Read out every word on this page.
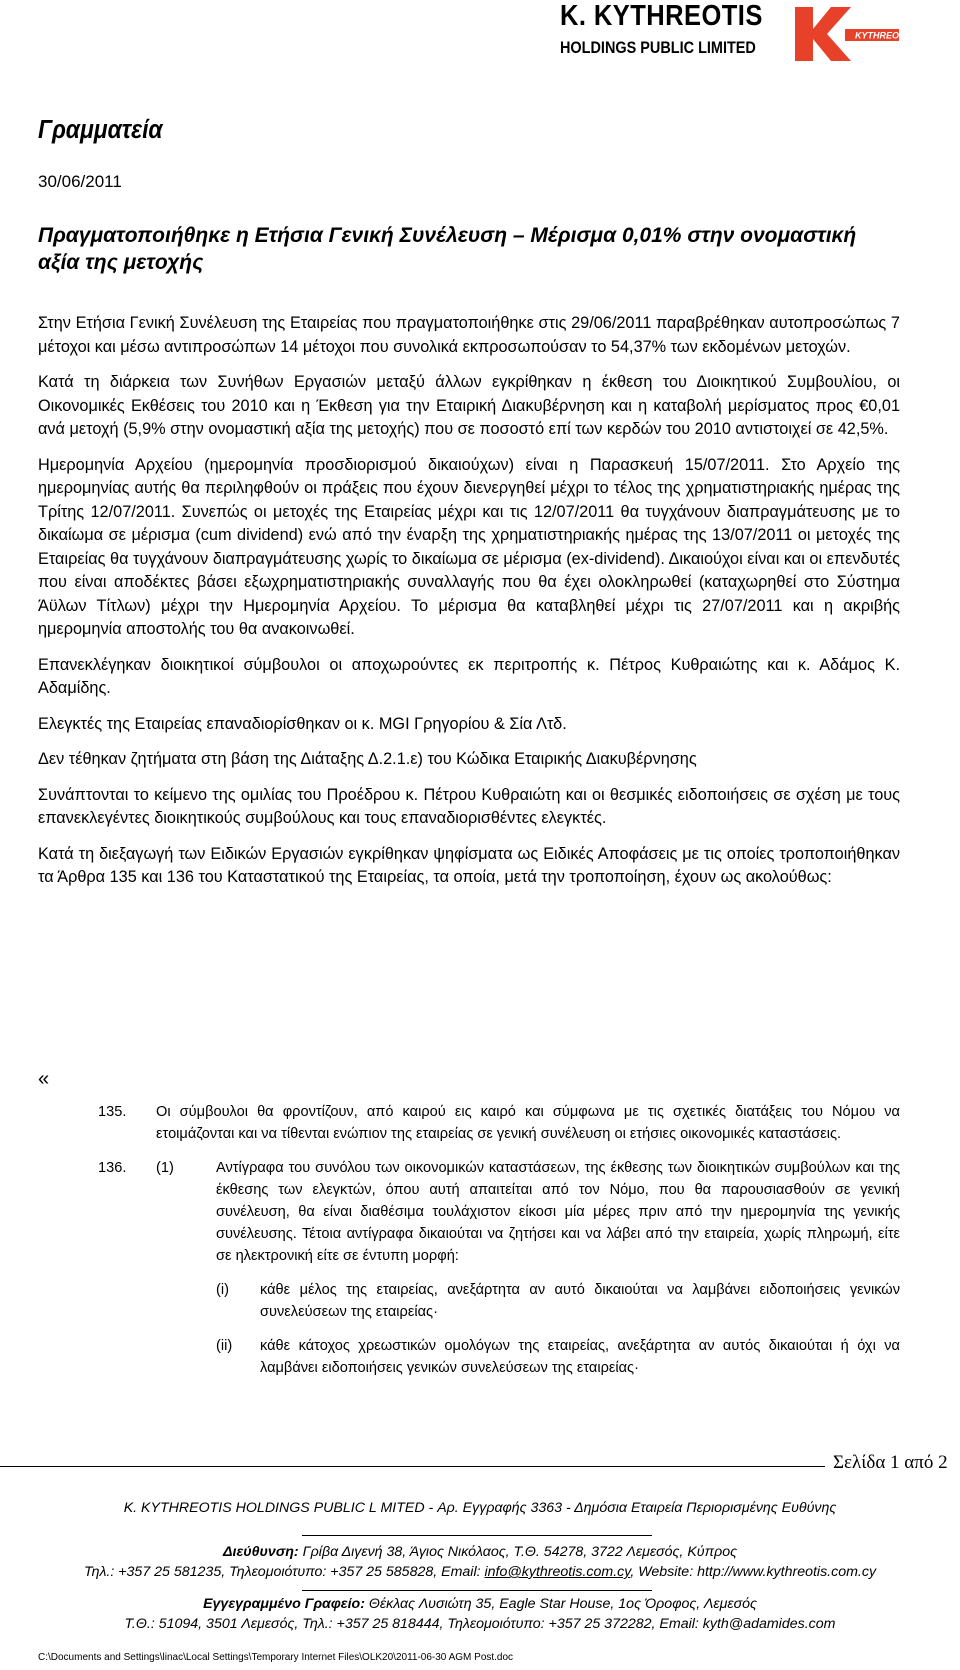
K. KYTHREOTIS
HOLDINGS PUBLIC LIMITED
KYTHREOTIS
Γραμματεία
30/06/2011
Πραγματοποιήθηκε η Ετήσια Γενική Συνέλευση – Μέρισμα 0,01% στην ονομαστική αξία της μετοχής

Στην Ετήσια Γενική Συνέλευση της Εταιρείας που πραγματοποιήθηκε στις 29/06/2011 παραβρέθηκαν αυτοπροσώπως 7 μέτοχοι και μέσω αντιπροσώπων 14 μέτοχοι που συνολικά εκπροσωπούσαν το 54,37% των εκδομένων μετοχών.

Κατά τη διάρκεια των Συνήθων Εργασιών μεταξύ άλλων εγκρίθηκαν η έκθεση του Διοικητικού Συμβουλίου, οι Οικονομικές Εκθέσεις του 2010 και η Έκθεση για την Εταιρική Διακυβέρνηση και η καταβολή μερίσματος προς €0,01 ανά μετοχή (5,9% στην ονομαστική αξία της μετοχής) που σε ποσοστό επί των κερδών του 2010 αντιστοιχεί σε 42,5%.

Ημερομηνία Αρχείου (ημερομηνία προσδιορισμού δικαιούχων) είναι η Παρασκευή 15/07/2011. Στο Αρχείο της ημερομηνίας αυτής θα περιληφθούν οι πράξεις που έχουν διενεργηθεί μέχρι το τέλος της χρηματιστηριακής ημέρας της Τρίτης 12/07/2011. Συνεπώς οι μετοχές της Εταιρείας μέχρι και τις 12/07/2011 θα τυγχάνουν διαπραγμάτευσης με το δικαίωμα σε μέρισμα (cum dividend) ενώ από την έναρξη της χρηματιστηριακής ημέρας της 13/07/2011 οι μετοχές της Εταιρείας θα τυγχάνουν διαπραγμάτευσης χωρίς το δικαίωμα σε μέρισμα (ex-dividend). Δικαιούχοι είναι και οι επενδυτές που είναι αποδέκτες βάσει εξωχρηματιστηριακής συναλλαγής που θα έχει ολοκληρωθεί (καταχωρηθεί στο Σύστημα Άϋλων Τίτλων) μέχρι την Ημερομηνία Αρχείου. Το μέρισμα θα καταβληθεί μέχρι τις 27/07/2011 και η ακριβής ημερομηνία αποστολής του θα ανακοινωθεί.

Επανεκλέγηκαν διοικητικοί σύμβουλοι οι αποχωρούντες εκ περιτροπής κ. Πέτρος Κυθραιώτης και κ. Αδάμος Κ. Αδαμίδης.

Ελεγκτές της Εταιρείας επαναδιορίσθηκαν οι κ. MGI Γρηγορίου & Σία Λτδ.

Δεν τέθηκαν ζητήματα στη βάση της Διάταξης Δ.2.1.ε) του Κώδικα Εταιρικής Διακυβέρνησης

Συνάπτονται το κείμενο της ομιλίας του Προέδρου κ. Πέτρου Κυθραιώτη και οι θεσμικές ειδοποιήσεις σε σχέση με τους επανεκλεγέντες διοικητικούς συμβούλους και τους επαναδιορισθέντες ελεγκτές.

Κατά τη διεξαγωγή των Ειδικών Εργασιών εγκρίθηκαν ψηφίσματα ως Ειδικές Αποφάσεις με τις οποίες τροποποιήθηκαν τα Άρθρα 135 και 136 του Καταστατικού της Εταιρείας, τα οποία, μετά την τροποποίηση, έχουν ως ακολούθως:

«
135. Οι σύμβουλοι θα φροντίζουν, από καιρού εις καιρό και σύμφωνα με τις σχετικές διατάξεις του Νόμου να ετοιμάζονται και να τίθενται ενώπιον της εταιρείας σε γενική συνέλευση οι ετήσιες οικονομικές καταστάσεις.
136. (1)	Αντίγραφα του συνόλου των οικονομικών καταστάσεων, της έκθεσης των διοικητικών συμβούλων και της έκθεσης των ελεγκτών, όπου αυτή απαιτείται από τον Νόμο, που θα παρουσιασθούν σε γενική συνέλευση, θα είναι διαθέσιμα τουλάχιστον είκοσι μία μέρες πριν από την ημερομηνία της γενικής συνέλευσης. Τέτοια αντίγραφα δικαιούται να ζητήσει και να λάβει από την εταιρεία, χωρίς πληρωμή, είτε σε ηλεκτρονική είτε σε έντυπη μορφή:
(i) κάθε μέλος της εταιρείας, ανεξάρτητα αν αυτό δικαιούται να λαμβάνει ειδοποιήσεις γενικών συνελεύσεων της εταιρείας·
(ii) κάθε κάτοχος χρεωστικών ομολόγων της εταιρείας, ανεξάρτητα αν αυτός δικαιούται ή όχι να λαμβάνει ειδοποιήσεις γενικών συνελεύσεων της εταιρείας·
Σελίδα 1 από 2
K. KYTHREOTIS HOLDINGS PUBLIC L MITED - Αρ. Εγγραφής 3363 - Δημόσια Εταιρεία Περιορισμένης Ευθύνης
Διεύθυνση: Γρίβα Διγενή 38, Άγιος Νικόλαος, Τ.Θ. 54278, 3722 Λεμεσός, Κύπρος
Τηλ.: +357 25 581235, Τηλεομοιότυπο: +357 25 585828, Email: info@kythreotis.com.cy, Website: http://www.kythreotis.com.cy
Εγγεγραμμένο Γραφείο: Θέκλας Λυσιώτη 35, Eagle Star House, 1ος Όροφος, Λεμεσός
Τ.Θ.: 51094, 3501 Λεμεσός, Τηλ.: +357 25 818444, Τηλεομοιότυπο: +357 25 372282, Email: kyth@adamides.com
C:\Documents and Settings\linac\Local Settings\Temporary Internet Files\OLK20\2011-06-30 AGM Post.doc
